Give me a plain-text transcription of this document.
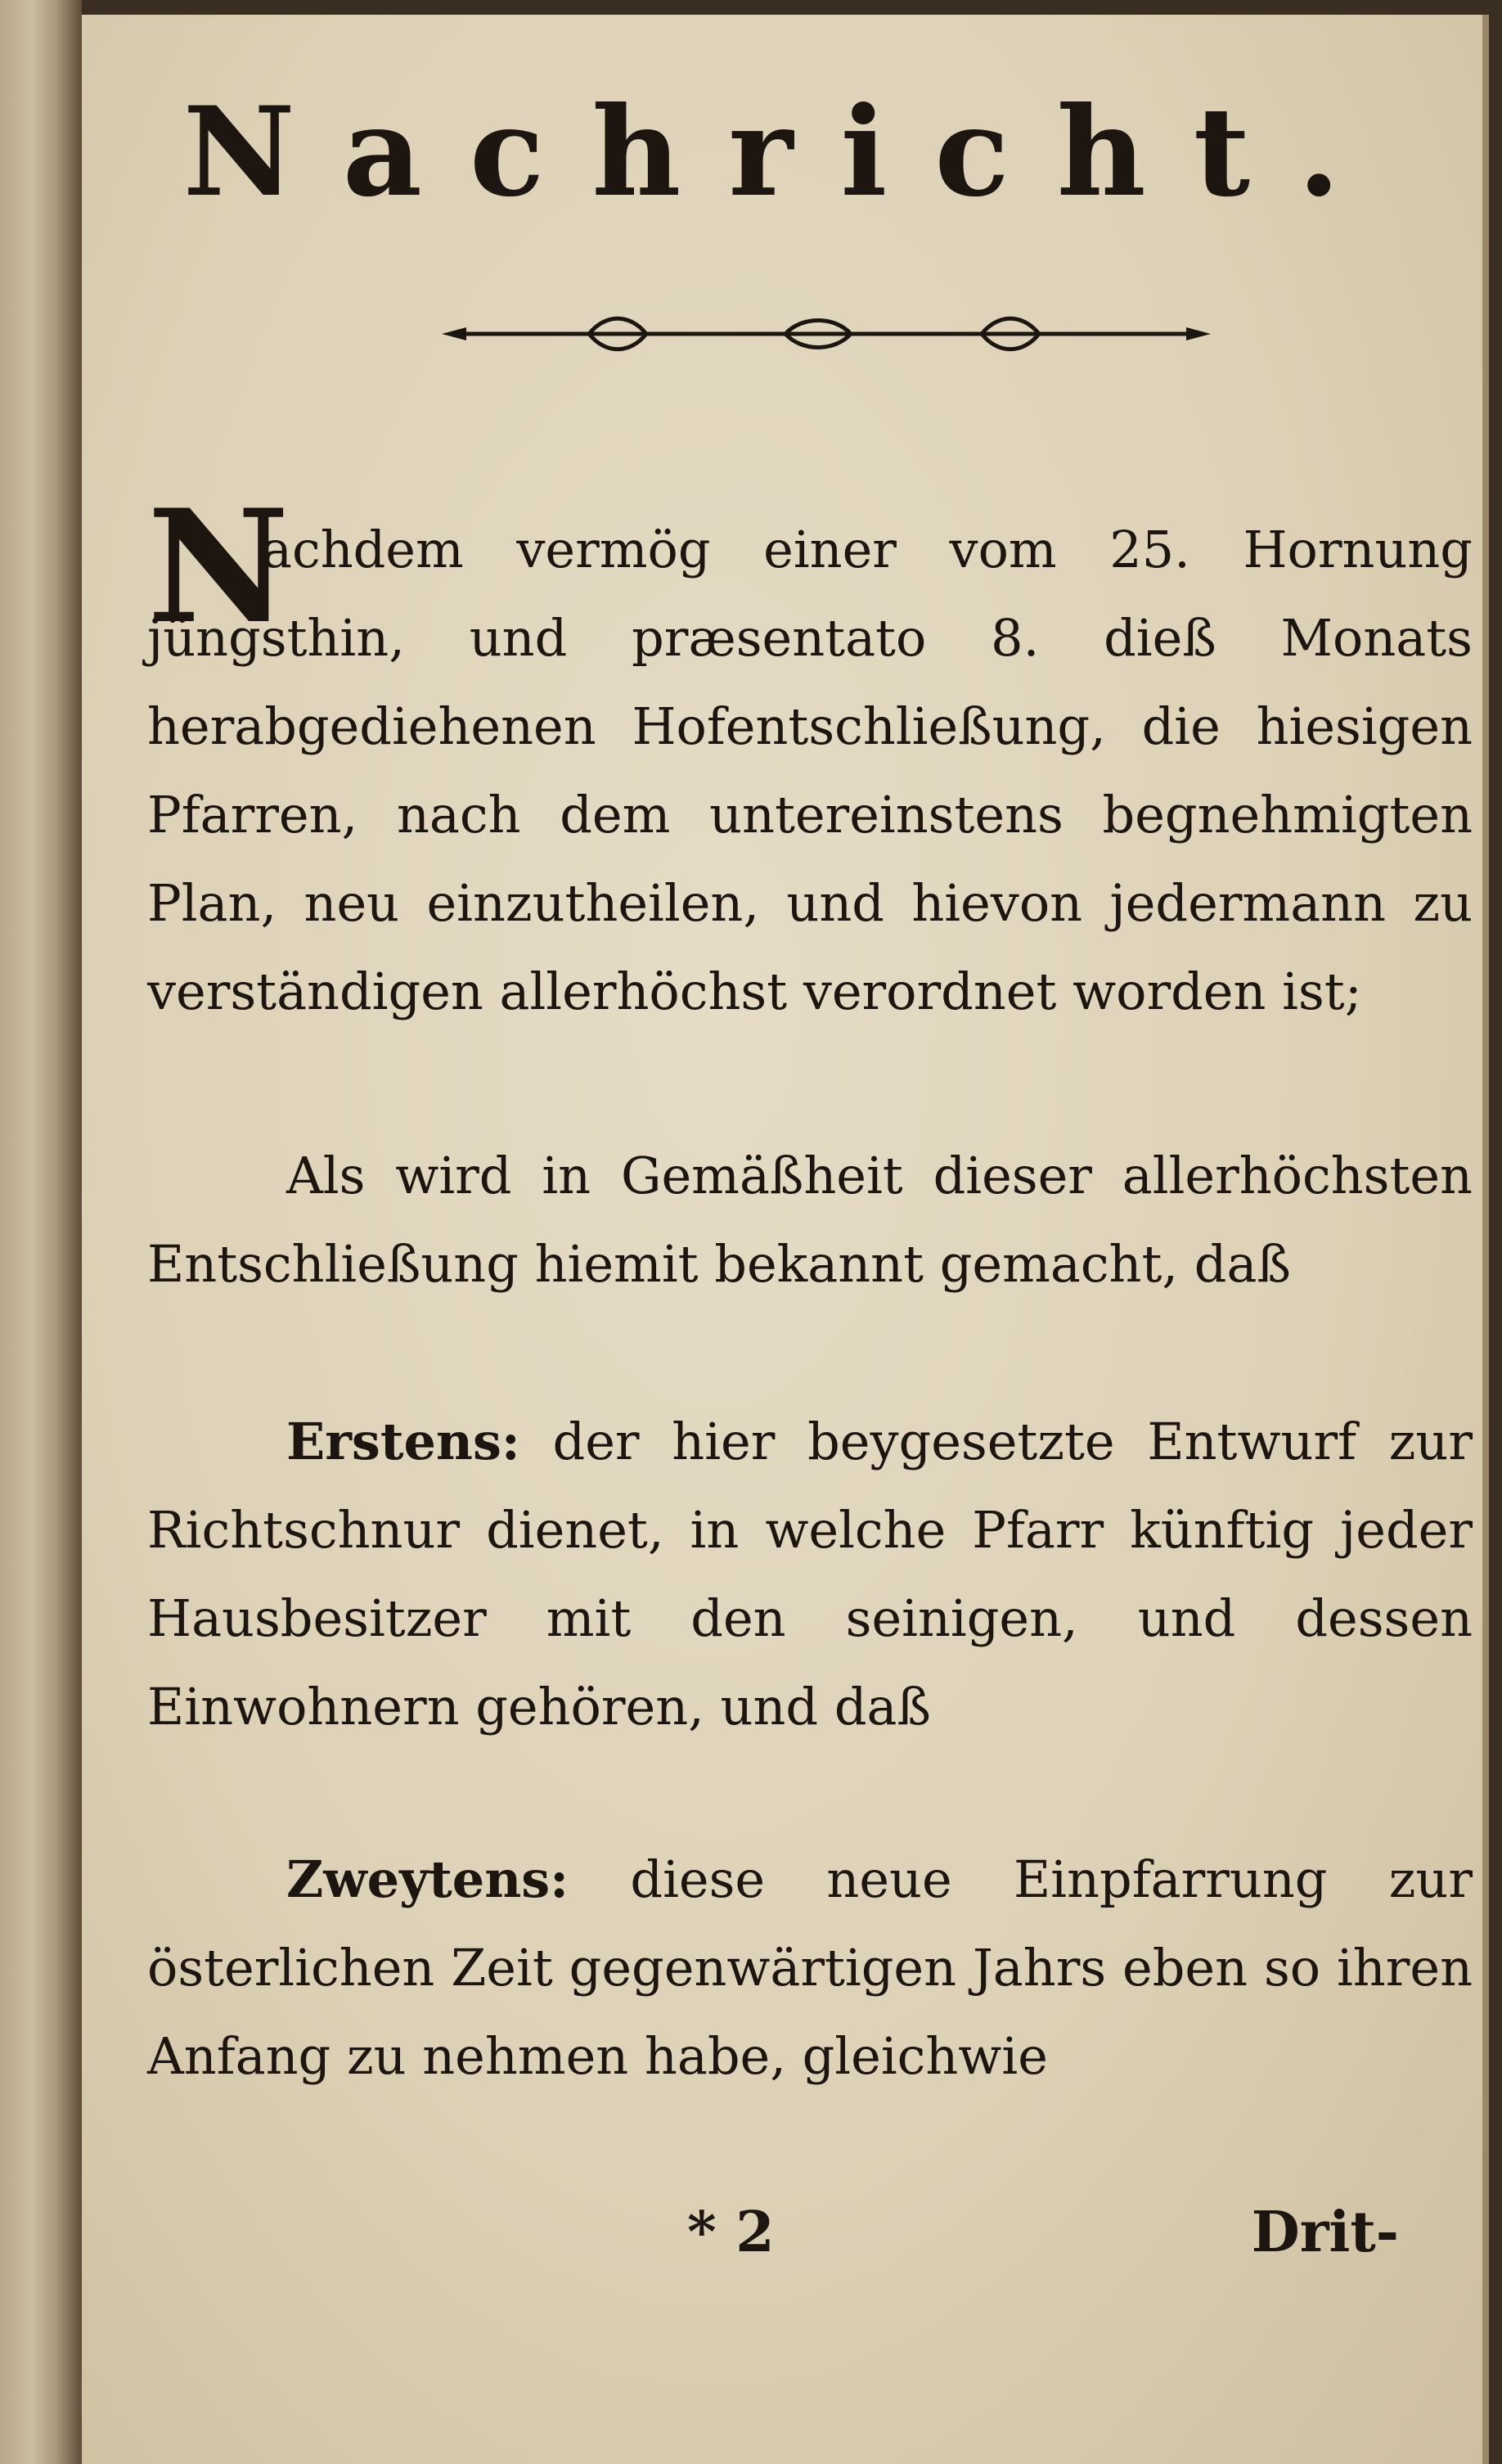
Nachricht.
N
achdem vermög einer vom 25. Hornung jüngsthin, und præsentato 8. dieß Monats herabgediehenen Hofentschließung, die hiesigen Pfarren, nach dem untereinstens begnehmigten Plan, neu einzutheilen, und hievon jedermann zu verständigen allerhöchst verordnet worden ist;
Als wird in Gemäßheit dieser allerhöchsten Entschließung hiemit bekannt gemacht, daß
Erstens: der hier beygesetzte Entwurf zur Richtschnur dienet, in welche Pfarr künftig jeder Hausbesitzer mit den seinigen, und dessen Einwohnern gehören, und daß
Zweytens: diese neue Einpfarrung zur österlichen Zeit gegenwärtigen Jahrs eben so ihren Anfang zu nehmen habe, gleichwie
* 2	Drit-
